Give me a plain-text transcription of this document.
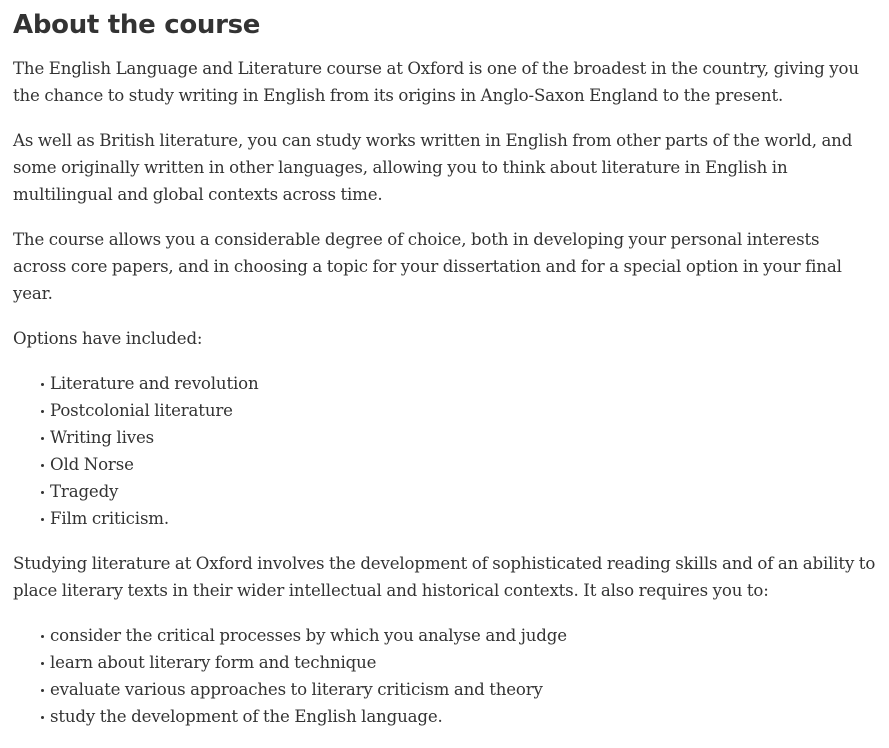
About the course

The English Language and Literature course at Oxford is one of the broadest in the country, giving you the chance to study writing in English from its origins in Anglo-Saxon England to the present.

As well as British literature, you can study works written in English from other parts of the world, and some originally written in other languages, allowing you to think about literature in English in multilingual and global contexts across time.

The course allows you a considerable degree of choice, both in developing your personal interests across core papers, and in choosing a topic for your dissertation and for a special option in your final year.

Options have included:

Literature and revolution
Postcolonial literature
Writing lives
Old Norse
Tragedy
Film criticism.

Studying literature at Oxford involves the development of sophisticated reading skills and of an ability to place literary texts in their wider intellectual and historical contexts. It also requires you to:

consider the critical processes by which you analyse and judge
learn about literary form and technique
evaluate various approaches to literary criticism and theory
study the development of the English language.
